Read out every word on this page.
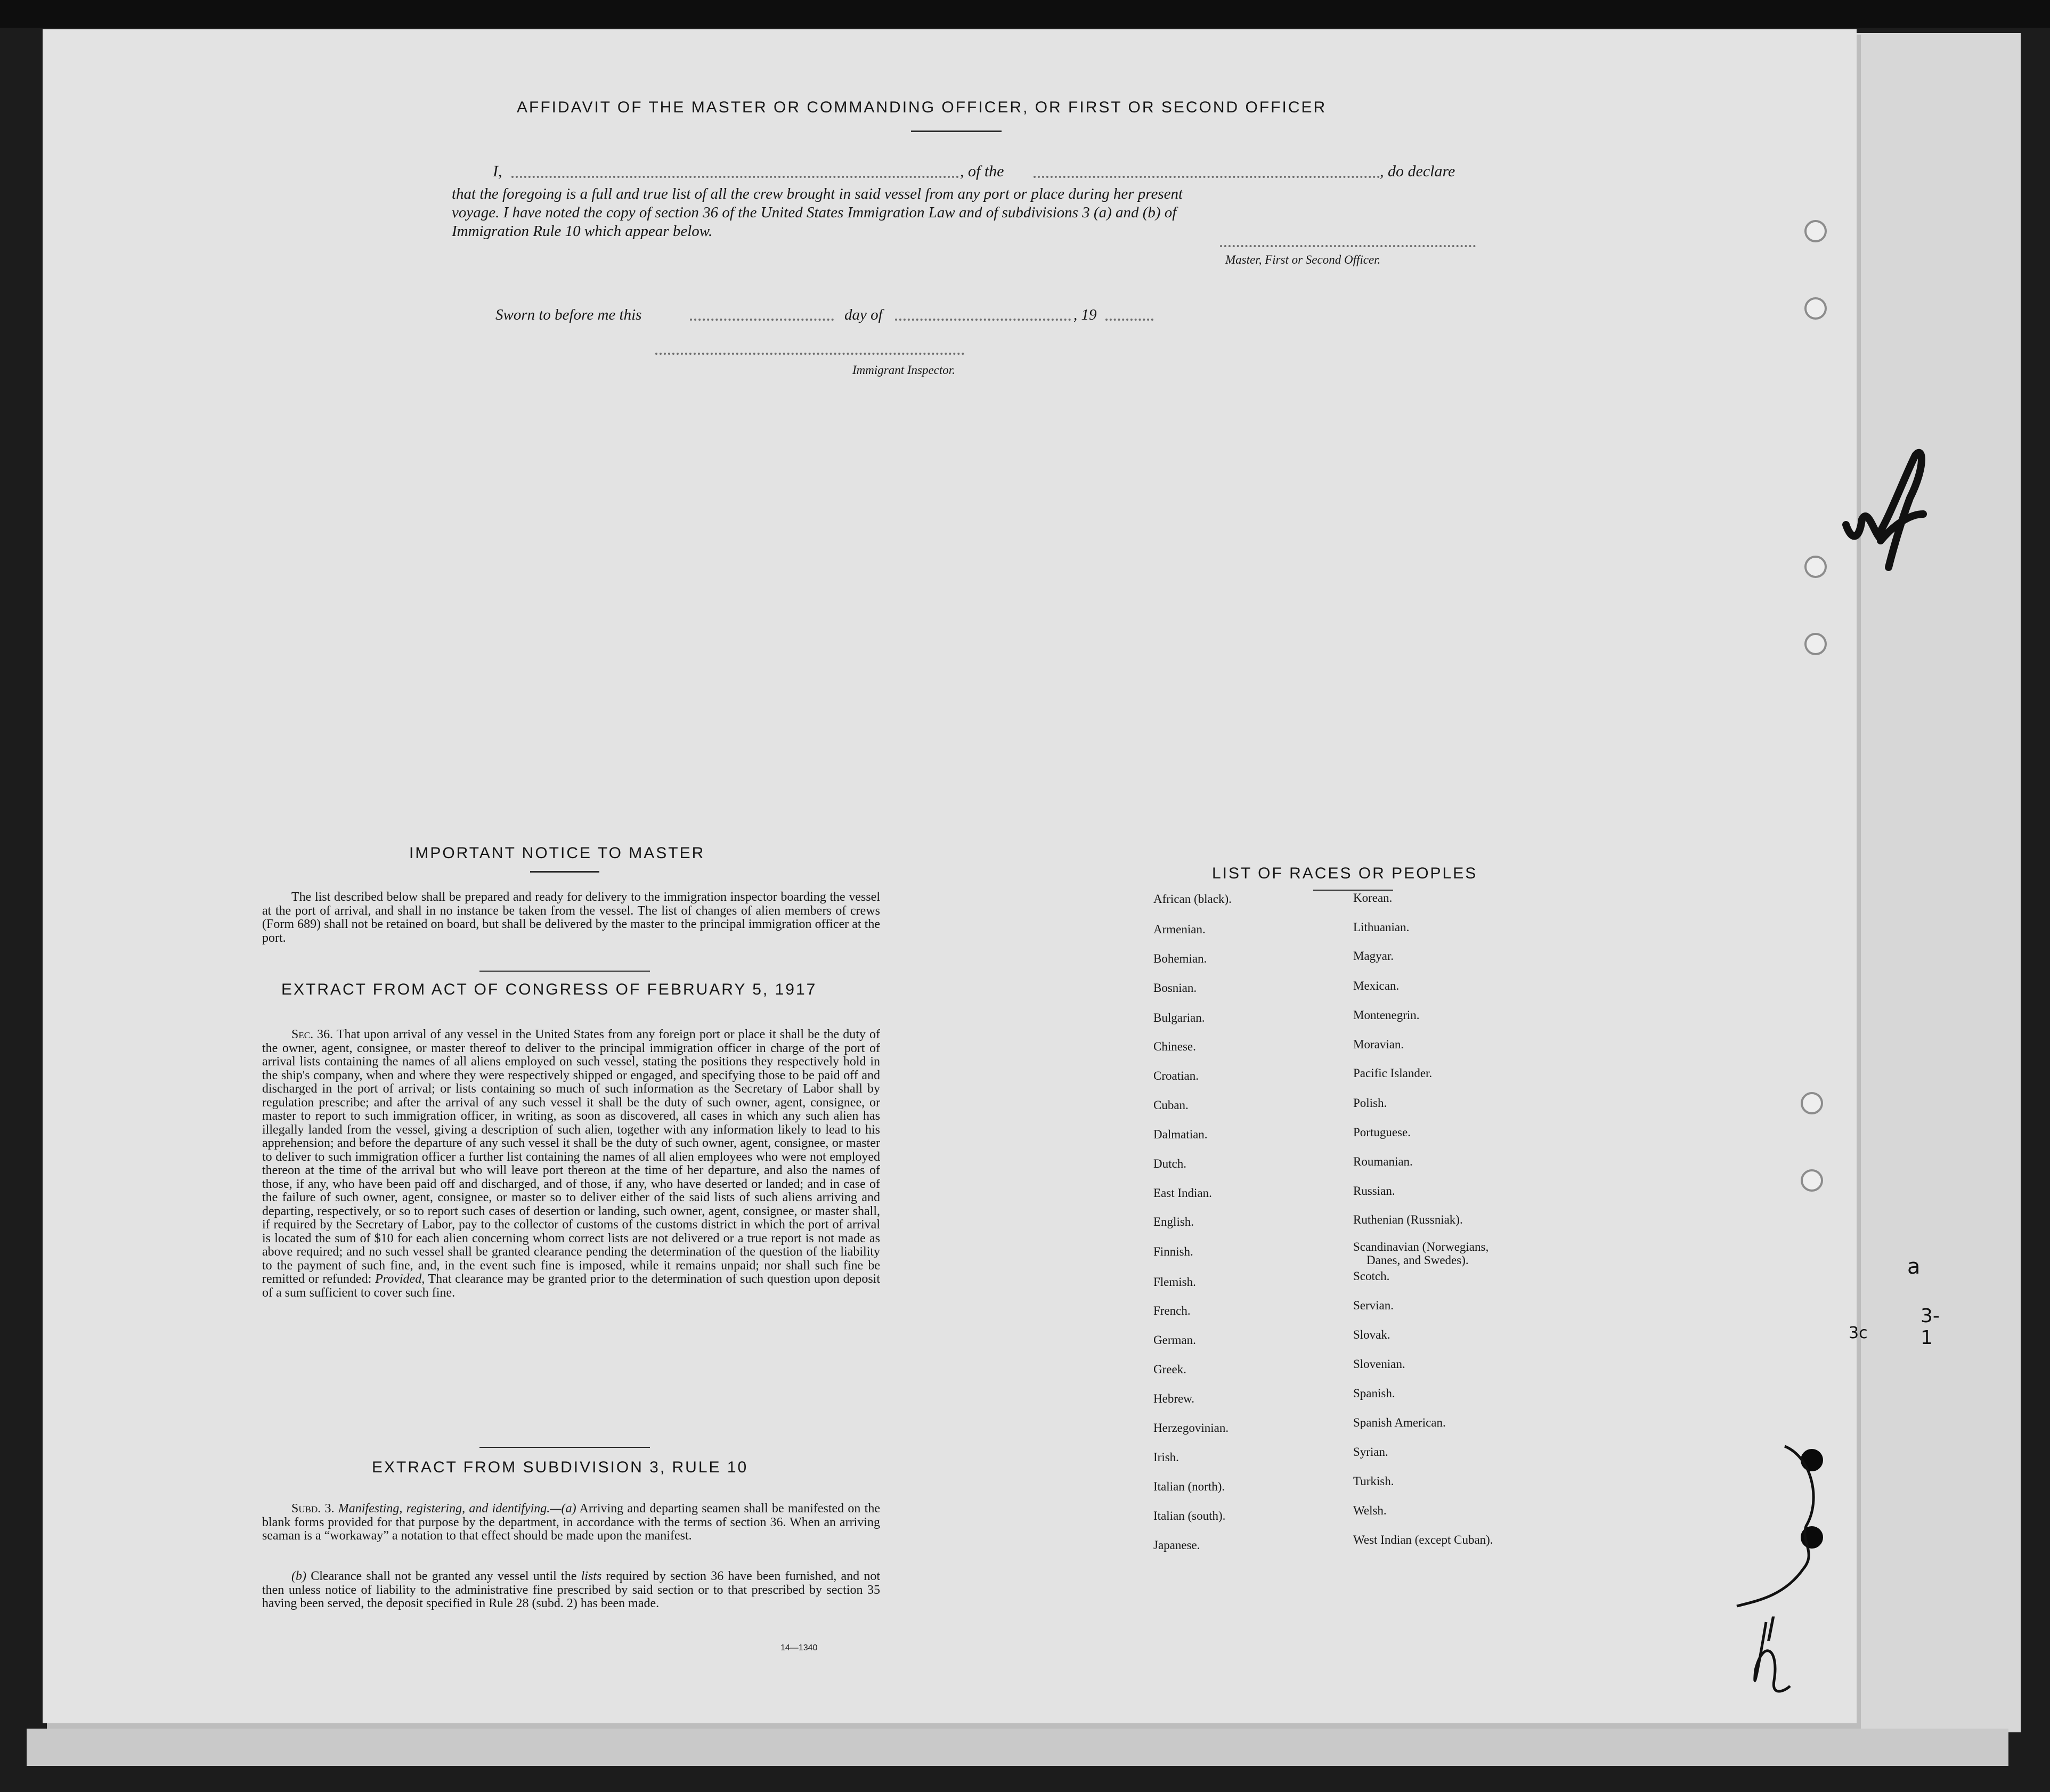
AFFIDAVIT OF THE MASTER OR COMMANDING OFFICER, OR FIRST OR SECOND OFFICER
I,	, of the	, do declare
that the foregoing is a full and true list of all the crew brought in said vessel from any port or place during her present
voyage. I have noted the copy of section 36 of the United States Immigration Law and of subdivisions 3 (a) and (b) of
Immigration Rule 10 which appear below.
Master, First or Second Officer.
Sworn to before me this	day of	, 19
Immigrant Inspector.
IMPORTANT NOTICE TO MASTER
The list described below shall be prepared and ready for delivery to the immigration inspector boarding the vessel at the port of arrival, and shall in no instance be taken from the vessel. The list of changes of alien members of crews (Form 689) shall not be retained on board, but shall be delivered by the master to the principal immigration officer at the port.
EXTRACT FROM ACT OF CONGRESS OF FEBRUARY 5, 1917
Sec. 36. That upon arrival of any vessel in the United States from any foreign port or place it shall be the duty of the owner, agent, consignee, or master thereof to deliver to the principal immigration officer in charge of the port of arrival lists containing the names of all aliens employed on such vessel, stating the positions they respectively hold in the ship's company, when and where they were respectively shipped or engaged, and specifying those to be paid off and discharged in the port of arrival; or lists containing so much of such information as the Secretary of Labor shall by regulation prescribe; and after the arrival of any such vessel it shall be the duty of such owner, agent, consignee, or master to report to such immigration officer, in writing, as soon as discovered, all cases in which any such alien has illegally landed from the vessel, giving a description of such alien, together with any information likely to lead to his apprehension; and before the departure of any such vessel it shall be the duty of such owner, agent, consignee, or master to deliver to such immigration officer a further list containing the names of all alien employees who were not employed thereon at the time of the arrival but who will leave port thereon at the time of her departure, and also the names of those, if any, who have been paid off and discharged, and of those, if any, who have deserted or landed; and in case of the failure of such owner, agent, consignee, or master so to deliver either of the said lists of such aliens arriving and departing, respectively, or so to report such cases of desertion or landing, such owner, agent, consignee, or master shall, if required by the Secretary of Labor, pay to the collector of customs of the customs district in which the port of arrival is located the sum of $10 for each alien concerning whom correct lists are not delivered or a true report is not made as above required; and no such vessel shall be granted clearance pending the determination of the question of the liability to the payment of such fine, and, in the event such fine is imposed, while it remains unpaid; nor shall such fine be remitted or refunded: Provided, That clearance may be granted prior to the determination of such question upon deposit of a sum sufficient to cover such fine.
EXTRACT FROM SUBDIVISION 3, RULE 10
Subd. 3. Manifesting, registering, and identifying.—(a) Arriving and departing seamen shall be manifested on the blank forms provided for that purpose by the department, in accordance with the terms of section 36. When an arriving seaman is a “workaway” a notation to that effect should be made upon the manifest.
(b) Clearance shall not be granted any vessel until the lists required by section 36 have been furnished, and not then unless notice of liability to the administrative fine prescribed by said section or to that prescribed by section 35 having been served, the deposit specified in Rule 28 (subd. 2) has been made.
14—1340
LIST OF RACES OR PEOPLES
African (black).
Armenian.
Bohemian.
Bosnian.
Bulgarian.
Chinese.
Croatian.
Cuban.
Dalmatian.
Dutch.
East Indian.
English.
Finnish.
Flemish.
French.
German.
Greek.
Hebrew.
Herzegovinian.
Irish.
Italian (north).
Italian (south).
Japanese.
Korean.
Lithuanian.
Magyar.
Mexican.
Montenegrin.
Moravian.
Pacific Islander.
Polish.
Portuguese.
Roumanian.
Russian.
Ruthenian (Russniak).
Scandinavian (Norwegians,
Danes, and Swedes).
Scotch.
Servian.
Slovak.
Slovenian.
Spanish.
Spanish American.
Syrian.
Turkish.
Welsh.
West Indian (except Cuban).
a
3-1
3c
l
